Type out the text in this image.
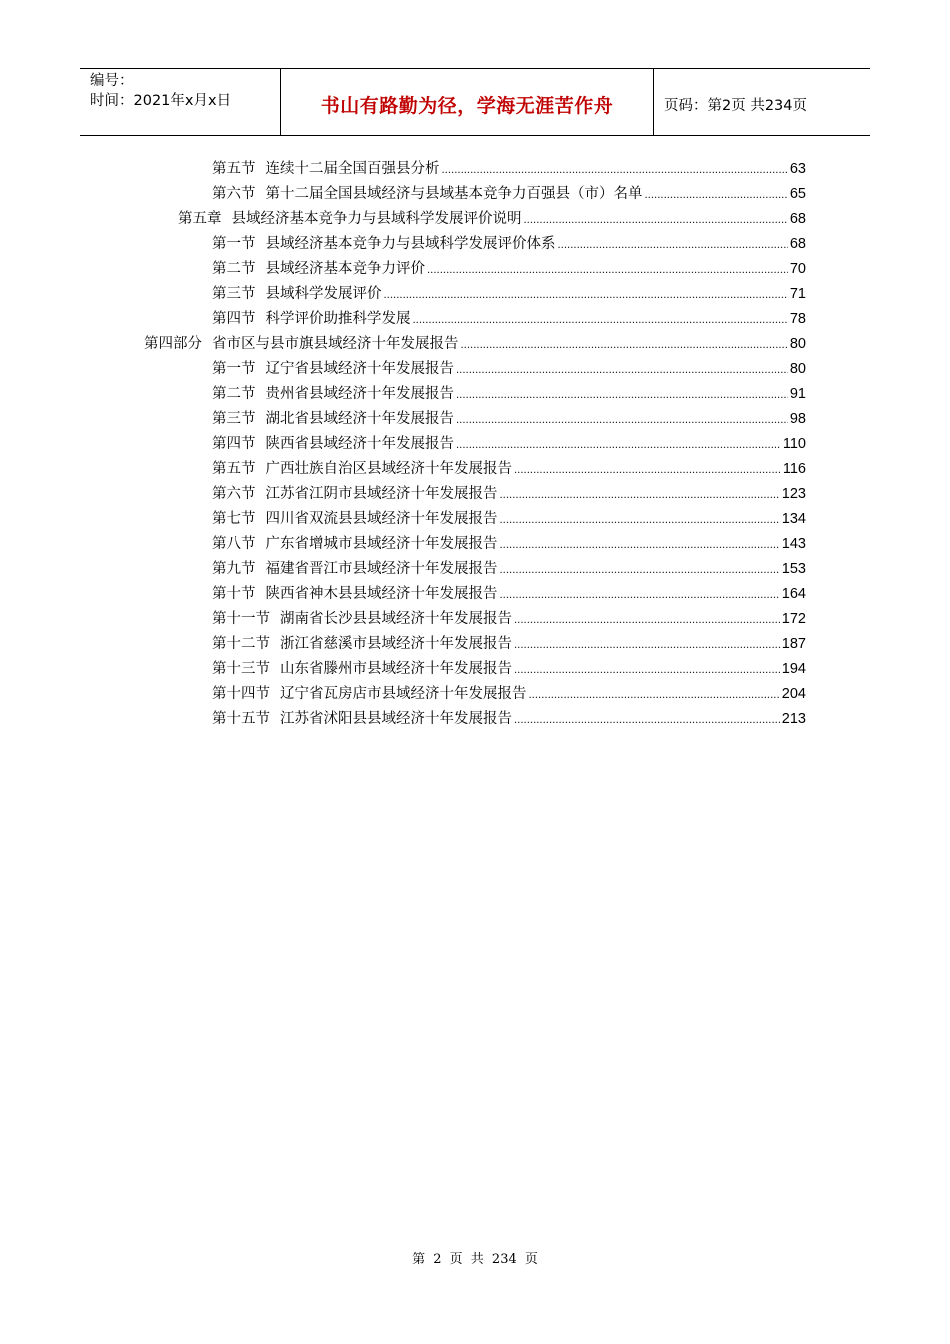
编号：
时间：2021年x月x日	书山有路勤为径，学海无涯苦作舟	页码：第2页 共234页
第五节 连续十二届全国百强县分析 .....	63
第六节 第十二届全国县域经济与县域基本竞争力百强县（市）名单 .....	65
第五章 县域经济基本竞争力与县域科学发展评价说明 .....	68
第一节 县域经济基本竞争力与县域科学发展评价体系 .....	68
第二节 县域经济基本竞争力评价 .....	70
第三节 县域科学发展评价 .....	71
第四节 科学评价助推科学发展 .....	78
第四部分 省市区与县市旗县域经济十年发展报告 .....	80
第一节 辽宁省县域经济十年发展报告 .....	80
第二节 贵州省县域经济十年发展报告 .....	91
第三节 湖北省县域经济十年发展报告 .....	98
第四节 陕西省县域经济十年发展报告 .....	110
第五节 广西壮族自治区县域经济十年发展报告 .....	116
第六节 江苏省江阴市县域经济十年发展报告 .....	123
第七节 四川省双流县县域经济十年发展报告 .....	134
第八节 广东省增城市县域经济十年发展报告 .....	143
第九节 福建省晋江市县域经济十年发展报告 .....	153
第十节 陕西省神木县县域经济十年发展报告 .....	164
第十一节 湖南省长沙县县域经济十年发展报告 .....	172
第十二节 浙江省慈溪市县域经济十年发展报告 .....	187
第十三节 山东省滕州市县域经济十年发展报告 .....	194
第十四节 辽宁省瓦房店市县域经济十年发展报告 .....	204
第十五节 江苏省沭阳县县域经济十年发展报告 .....	213
第 2 页 共 234 页
